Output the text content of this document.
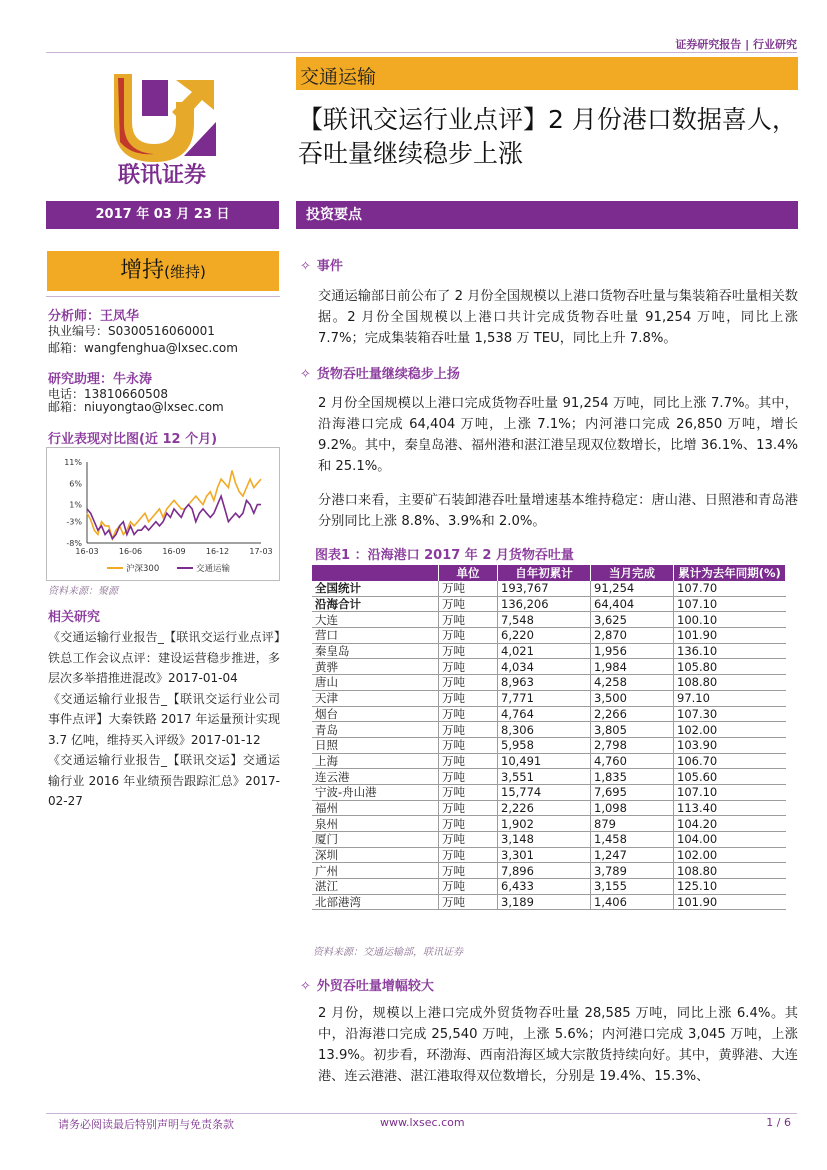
证券研究报告 | 行业研究
联讯证券
交通运输
【联讯交运行业点评】2 月份港口数据喜人，吞吐量继续稳步上涨
2017 年 03 月 23 日	投资要点
增持(维持)
分析师：王凤华
执业编号：S0300516060001
邮箱：wangfenghua@lxsec.com
研究助理：牛永涛
电话：13810660508
邮箱：niuyongtao@lxsec.com
行业表现对比图(近 12 个月)
11%
6%
1%
-3%
-8%
16-03	16-06	16-09	16-12	17-03
沪深300	交通运输
资料来源：聚源
相关研究

《交通运输行业报告_【联讯交运行业点评】铁总工作会议点评：建设运营稳步推进，多层次多举措推进混改》2017-01-04

《交通运输行业报告_【联讯交运行业公司事件点评】大秦铁路 2017 年运量预计实现 3.7 亿吨，维持买入评级》2017-01-12

《交通运输行业报告_【联讯交运】交通运输行业 2016 年业绩预告跟踪汇总》2017-02-27

✧ 事件

交通运输部日前公布了 2 月份全国规模以上港口货物吞吐量与集装箱吞吐量相关数据。2 月份全国规模以上港口共计完成货物吞吐量 91,254 万吨，同比上涨 7.7%；完成集装箱吞吐量 1,538 万 TEU，同比上升 7.8%。

✧ 货物吞吐量继续稳步上扬

2 月份全国规模以上港口完成货物吞吐量 91,254 万吨，同比上涨 7.7%。其中，沿海港口完成 64,404 万吨，上涨 7.1%；内河港口完成 26,850 万吨，增长 9.2%。其中，秦皇岛港、福州港和湛江港呈现双位数增长，比增 36.1%、13.4%和 25.1%。

分港口来看，主要矿石装卸港吞吐量增速基本维持稳定：唐山港、日照港和青岛港分别同比上涨 8.8%、3.9%和 2.0%。

图表1 ：沿海港口 2017 年 2 月货物吞吐量
	单位	自年初累计	当月完成	累计为去年同期(%)
全国统计	万吨	193,767	91,254	107.70
沿海合计	万吨	136,206	64,404	107.10
大连	万吨	7,548	3,625	100.10
营口	万吨	6,220	2,870	101.90
秦皇岛	万吨	4,021	1,956	136.10
黄骅	万吨	4,034	1,984	105.80
唐山	万吨	8,963	4,258	108.80
天津	万吨	7,771	3,500	97.10
烟台	万吨	4,764	2,266	107.30
青岛	万吨	8,306	3,805	102.00
日照	万吨	5,958	2,798	103.90
上海	万吨	10,491	4,760	106.70
连云港	万吨	3,551	1,835	105.60
宁波-舟山港	万吨	15,774	7,695	107.10
福州	万吨	2,226	1,098	113.40
泉州	万吨	1,902	879	104.20
厦门	万吨	3,148	1,458	104.00
深圳	万吨	3,301	1,247	102.00
广州	万吨	7,896	3,789	108.80
湛江	万吨	6,433	3,155	125.10
北部港湾	万吨	3,189	1,406	101.90
资料来源：交通运输部，联讯证券
✧ 外贸吞吐量增幅较大

2 月份，规模以上港口完成外贸货物吞吐量 28,585 万吨，同比上涨 6.4%。其中，沿海港口完成 25,540 万吨，上涨 5.6%；内河港口完成 3,045 万吨，上涨 13.9%。初步看，环渤海、西南沿海区域大宗散货持续向好。其中，黄骅港、大连港、连云港港、湛江港取得双位数增长，分别是 19.4%、15.3%、

请务必阅读最后特别声明与免责条款	www.lxsec.com	1 / 6
